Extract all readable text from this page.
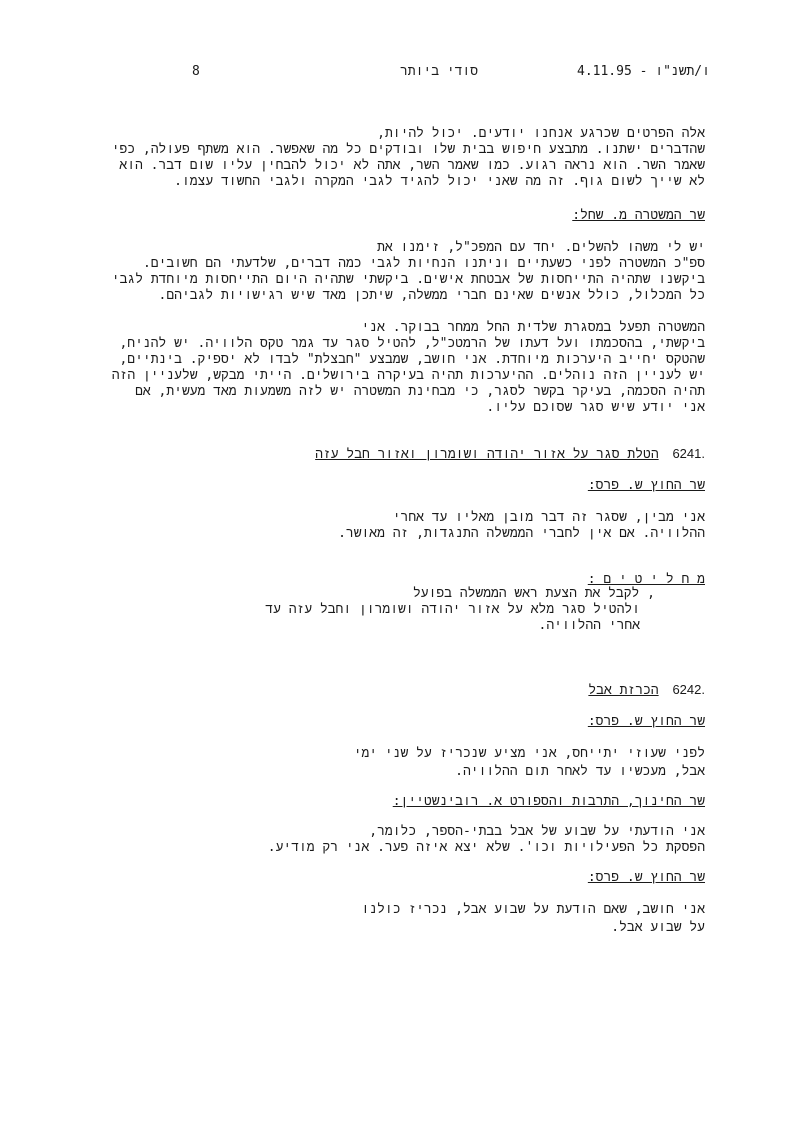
8	סודי ביותר	ו/תשנ"ו - 4.11.95
אלה הפרטים שכרגע אנחנו יודעים. יכול להיות,
שהדברים ישתנו. מתבצע חיפוש בבית שלו ובודקים כל מה שאפשר. הוא משתף פעולה, כפי
שאמר השר. הוא נראה רגוע. כמו שאמר השר, אתה לא יכול להבחין עליו שום דבר. הוא
לא שייך לשום גוף. זה מה שאני יכול להגיד לגבי המקרה ולגבי החשוד עצמו.
שר המשטרה מ. שחל:
יש לי משהו להשלים. יחד עם המפכ"ל, זימנו את
ספ"כ המשטרה לפני כשעתיים וניתנו הנחיות לגבי כמה דברים, שלדעתי הם חשובים.
ביקשנו שתהיה התייחסות של אבטחת אישים. ביקשתי שתהיה היום התייחסות מיוחדת לגבי
כל המכלול, כולל אנשים שאינם חברי ממשלה, שיתכן מאד שיש רגישויות לגביהם.
המשטרה תפעל במסגרת שלדית החל ממחר בבוקר. אני
ביקשתי, בהסכמתו ועל דעתו של הרמטכ"ל, להטיל סגר עד גמר טקס הלוויה. יש להניח,
שהטקס יחייב היערכות מיוחדת. אני חושב, שמבצע "חבצלת" לבדו לא יספיק. בינתיים,
יש לעניין הזה נוהלים. ההיערכות תהיה בעיקרה בירושלים. הייתי מבקש, שלעניין הזה
תהיה הסכמה, בעיקר בקשר לסגר, כי מבחינת המשטרה יש לזה משמעות מאד מעשית, אם
אני יודע שיש סגר שסוכם עליו.
6241. הטלת סגר על אזור יהודה ושומרון ואזור חבל עזה
שר החוץ ש. פרס:
אני מבין, שסגר זה דבר מובן מאליו עד אחרי
ההלוויה. אם אין לחברי הממשלה התנגדות, זה מאושר.
מ ח ל י ט י ם :
, לקבל את הצעת ראש הממשלה בפועל
ולהטיל סגר מלא על אזור יהודה ושומרון וחבל עזה עד
אחרי ההלוויה.
6242. הכרזת אבל
שר החוץ ש. פרס:
לפני שעוזי יתייחס, אני מציע שנכריז על שני ימי
אבל, מעכשיו עד לאחר תום ההלוויה.
שר החינוך, התרבות והספורט א. רובינשטיין:
אני הודעתי על שבוע של אבל בבתי-הספר, כלומר,
הפסקת כל הפעילויות וכו'. שלא יצא איזה פער. אני רק מודיע.
שר החוץ ש. פרס:
אני חושב, שאם הודעת על שבוע אבל, נכריז כולנו
על שבוע אבל.
